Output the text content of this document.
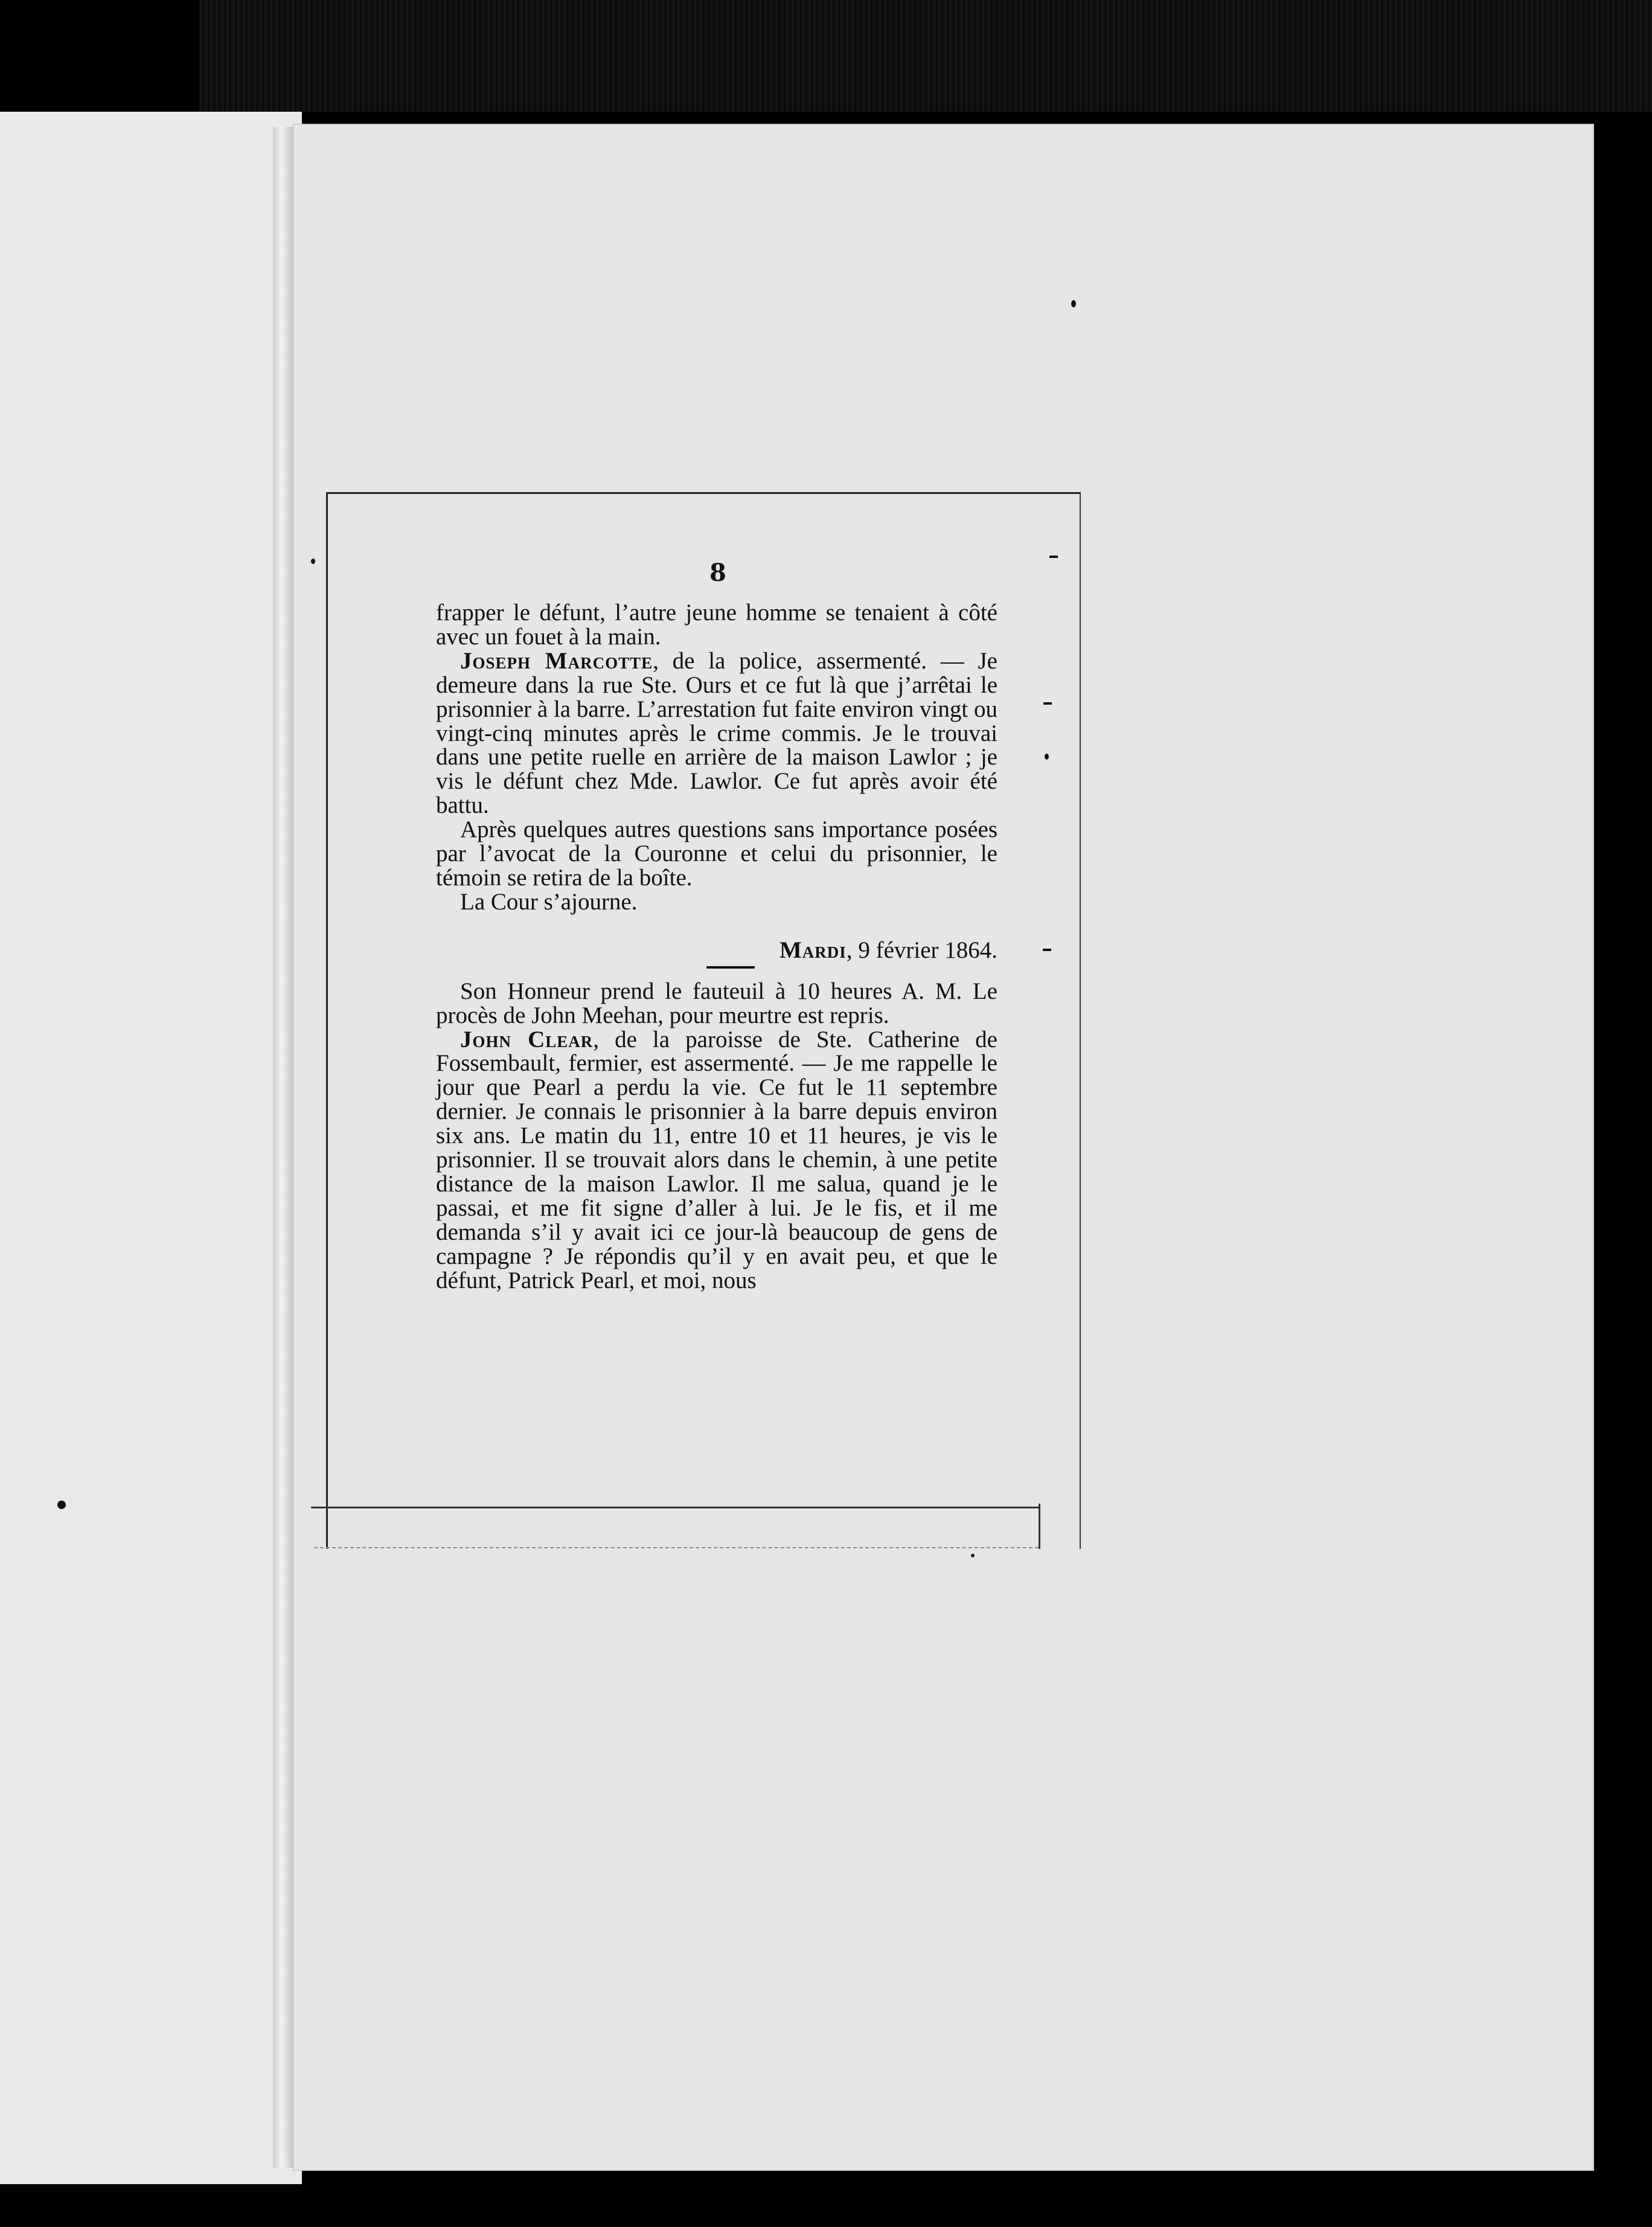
8

frapper le défunt, l’autre jeune homme se tenaient à côté avec un fouet à la main.

Joseph Marcotte, de la police, assermenté. — Je demeure dans la rue Ste. Ours et ce fut là que j’arrêtai le prisonnier à la barre. L’arrestation fut faite environ vingt ou vingt-cinq minutes après le crime commis. Je le trouvai dans une petite ruelle en arrière de la maison Lawlor ; je vis le défunt chez Mde. Lawlor. Ce fut après avoir été battu.

Après quelques autres questions sans importance posées par l’avocat de la Couronne et celui du prisonnier, le témoin se retira de la boîte.

La Cour s’ajourne.

Mardi, 9 février 1864.

Son Honneur prend le fauteuil à 10 heures A. M. Le procès de John Meehan, pour meurtre est repris.

John Clear, de la paroisse de Ste. Catherine de Fossembault, fermier, est assermenté. — Je me rappelle le jour que Pearl a perdu la vie. Ce fut le 11 septembre dernier. Je connais le prisonnier à la barre depuis environ six ans. Le matin du 11, entre 10 et 11 heures, je vis le prisonnier. Il se trouvait alors dans le chemin, à une petite distance de la maison Lawlor. Il me salua, quand je le passai, et me fit signe d’aller à lui. Je le fis, et il me demanda s’il y avait ici ce jour-là beaucoup de gens de campagne ? Je répondis qu’il y en avait peu, et que le défunt, Patrick Pearl, et moi, nous
